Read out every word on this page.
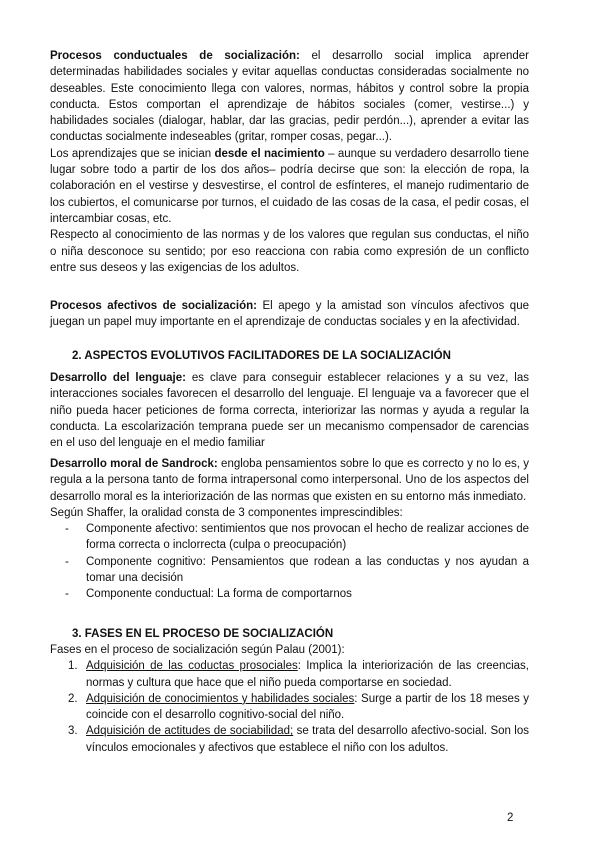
Procesos conductuales de socialización: el desarrollo social implica aprender determinadas habilidades sociales y evitar aquellas conductas consideradas socialmente no deseables. Este conocimiento llega con valores, normas, hábitos y control sobre la propia conducta. Estos comportan el aprendizaje de hábitos sociales (comer, vestirse...) y habilidades sociales (dialogar, hablar, dar las gracias, pedir perdón...), aprender a evitar las conductas socialmente indeseables (gritar, romper cosas, pegar...).

Los aprendizajes que se inician desde el nacimiento – aunque su verdadero desarrollo tiene lugar sobre todo a partir de los dos años– podría decirse que son: la elección de ropa, la colaboración en el vestirse y desvestirse, el control de esfínteres, el manejo rudimentario de los cubiertos, el comunicarse por turnos, el cuidado de las cosas de la casa, el pedir cosas, el intercambiar cosas, etc.

Respecto al conocimiento de las normas y de los valores que regulan sus conductas, el niño o niña desconoce su sentido; por eso reacciona con rabia como expresión de un conflicto entre sus deseos y las exigencias de los adultos.

Procesos afectivos de socialización: El apego y la amistad son vínculos afectivos que juegan un papel muy importante en el aprendizaje de conductas sociales y en la afectividad.

2. ASPECTOS EVOLUTIVOS FACILITADORES DE LA SOCIALIZACIÓN

Desarrollo del lenguaje: es clave para conseguir establecer relaciones y a su vez, las interacciones sociales favorecen el desarrollo del lenguaje. El lenguaje va a favorecer que el niño pueda hacer peticiones de forma correcta, interiorizar las normas y ayuda a regular la conducta. La escolarización temprana puede ser un mecanismo compensador de carencias en el uso del lenguaje en el medio familiar

Desarrollo moral de Sandrock: engloba pensamientos sobre lo que es correcto y no lo es, y regula a la persona tanto de forma intrapersonal como interpersonal. Uno de los aspectos del desarrollo moral es la interiorización de las normas que existen en su entorno más inmediato.

Según Shaffer, la oralidad consta de 3 componentes imprescindibles:

- Componente afectivo: sentimientos que nos provocan el hecho de realizar acciones de forma correcta o inclorrecta (culpa o preocupación)
- Componente cognitivo: Pensamientos que rodean a las conductas y nos ayudan a tomar una decisión
- Componente conductual: La forma de comportarnos
3. FASES EN EL PROCESO DE SOCIALIZACIÓN

Fases en el proceso de socialización según Palau (2001):

1. Adquisición de las coductas prosociales: Implica la interiorización de las creencias, normas y cultura que hace que el niño pueda comportarse en sociedad.
2. Adquisición de conocimientos y habilidades sociales: Surge a partir de los 18 meses y coincide con el desarrollo cognitivo-social del niño.
3. Adquisición de actitudes de sociabilidad; se trata del desarrollo afectivo-social. Son los vínculos emocionales y afectivos que establece el niño con los adultos.
2
